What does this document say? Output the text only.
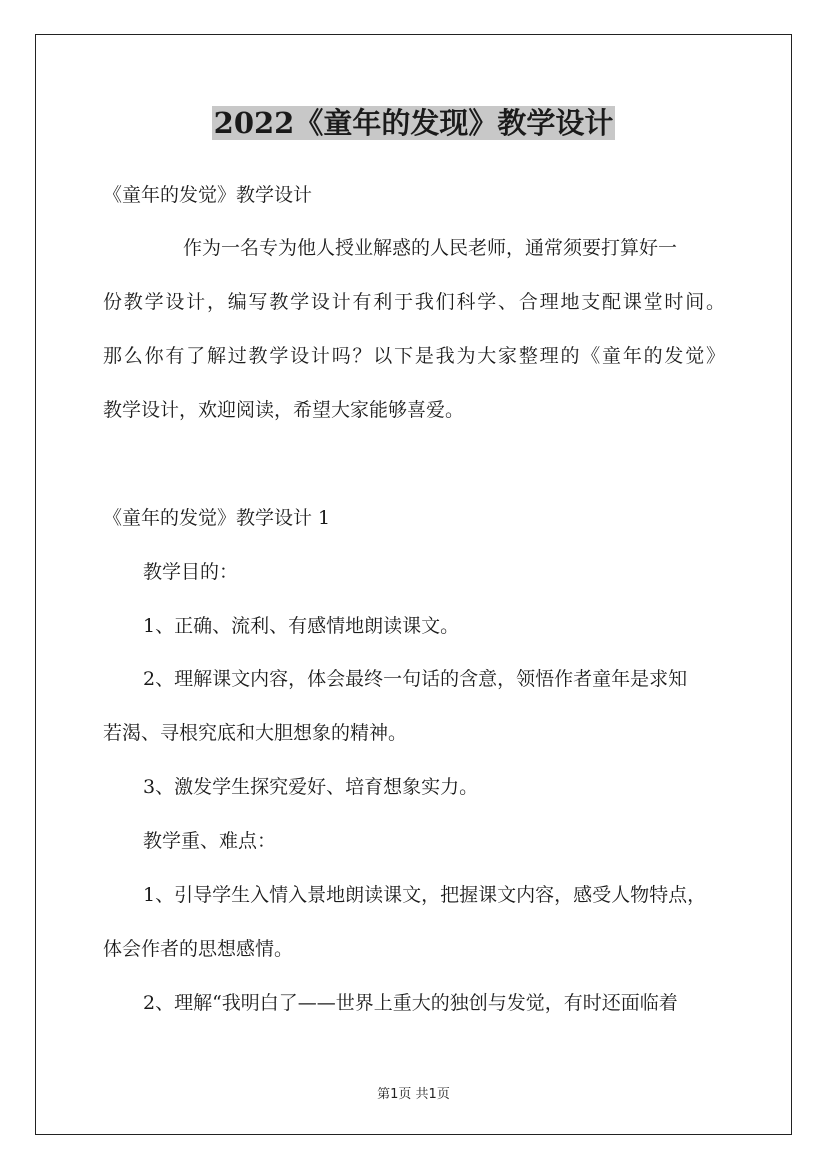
2022《童年的发现》教学设计
《童年的发觉》教学设计
作为一名专为他人授业解惑的人民老师，通常须要打算好一
份教学设计，编写教学设计有利于我们科学、合理地支配课堂时间。
那么你有了解过教学设计吗？以下是我为大家整理的《童年的发觉》
教学设计，欢迎阅读，希望大家能够喜爱。
《童年的发觉》教学设计 1
教学目的：
1、正确、流利、有感情地朗读课文。
2、理解课文内容，体会最终一句话的含意，领悟作者童年是求知
若渴、寻根究底和大胆想象的精神。
3、激发学生探究爱好、培育想象实力。
教学重、难点：
1、引导学生入情入景地朗读课文，把握课文内容，感受人物特点，
体会作者的思想感情。
2、理解“我明白了——世界上重大的独创与发觉，有时还面临着
第1页 共1页
